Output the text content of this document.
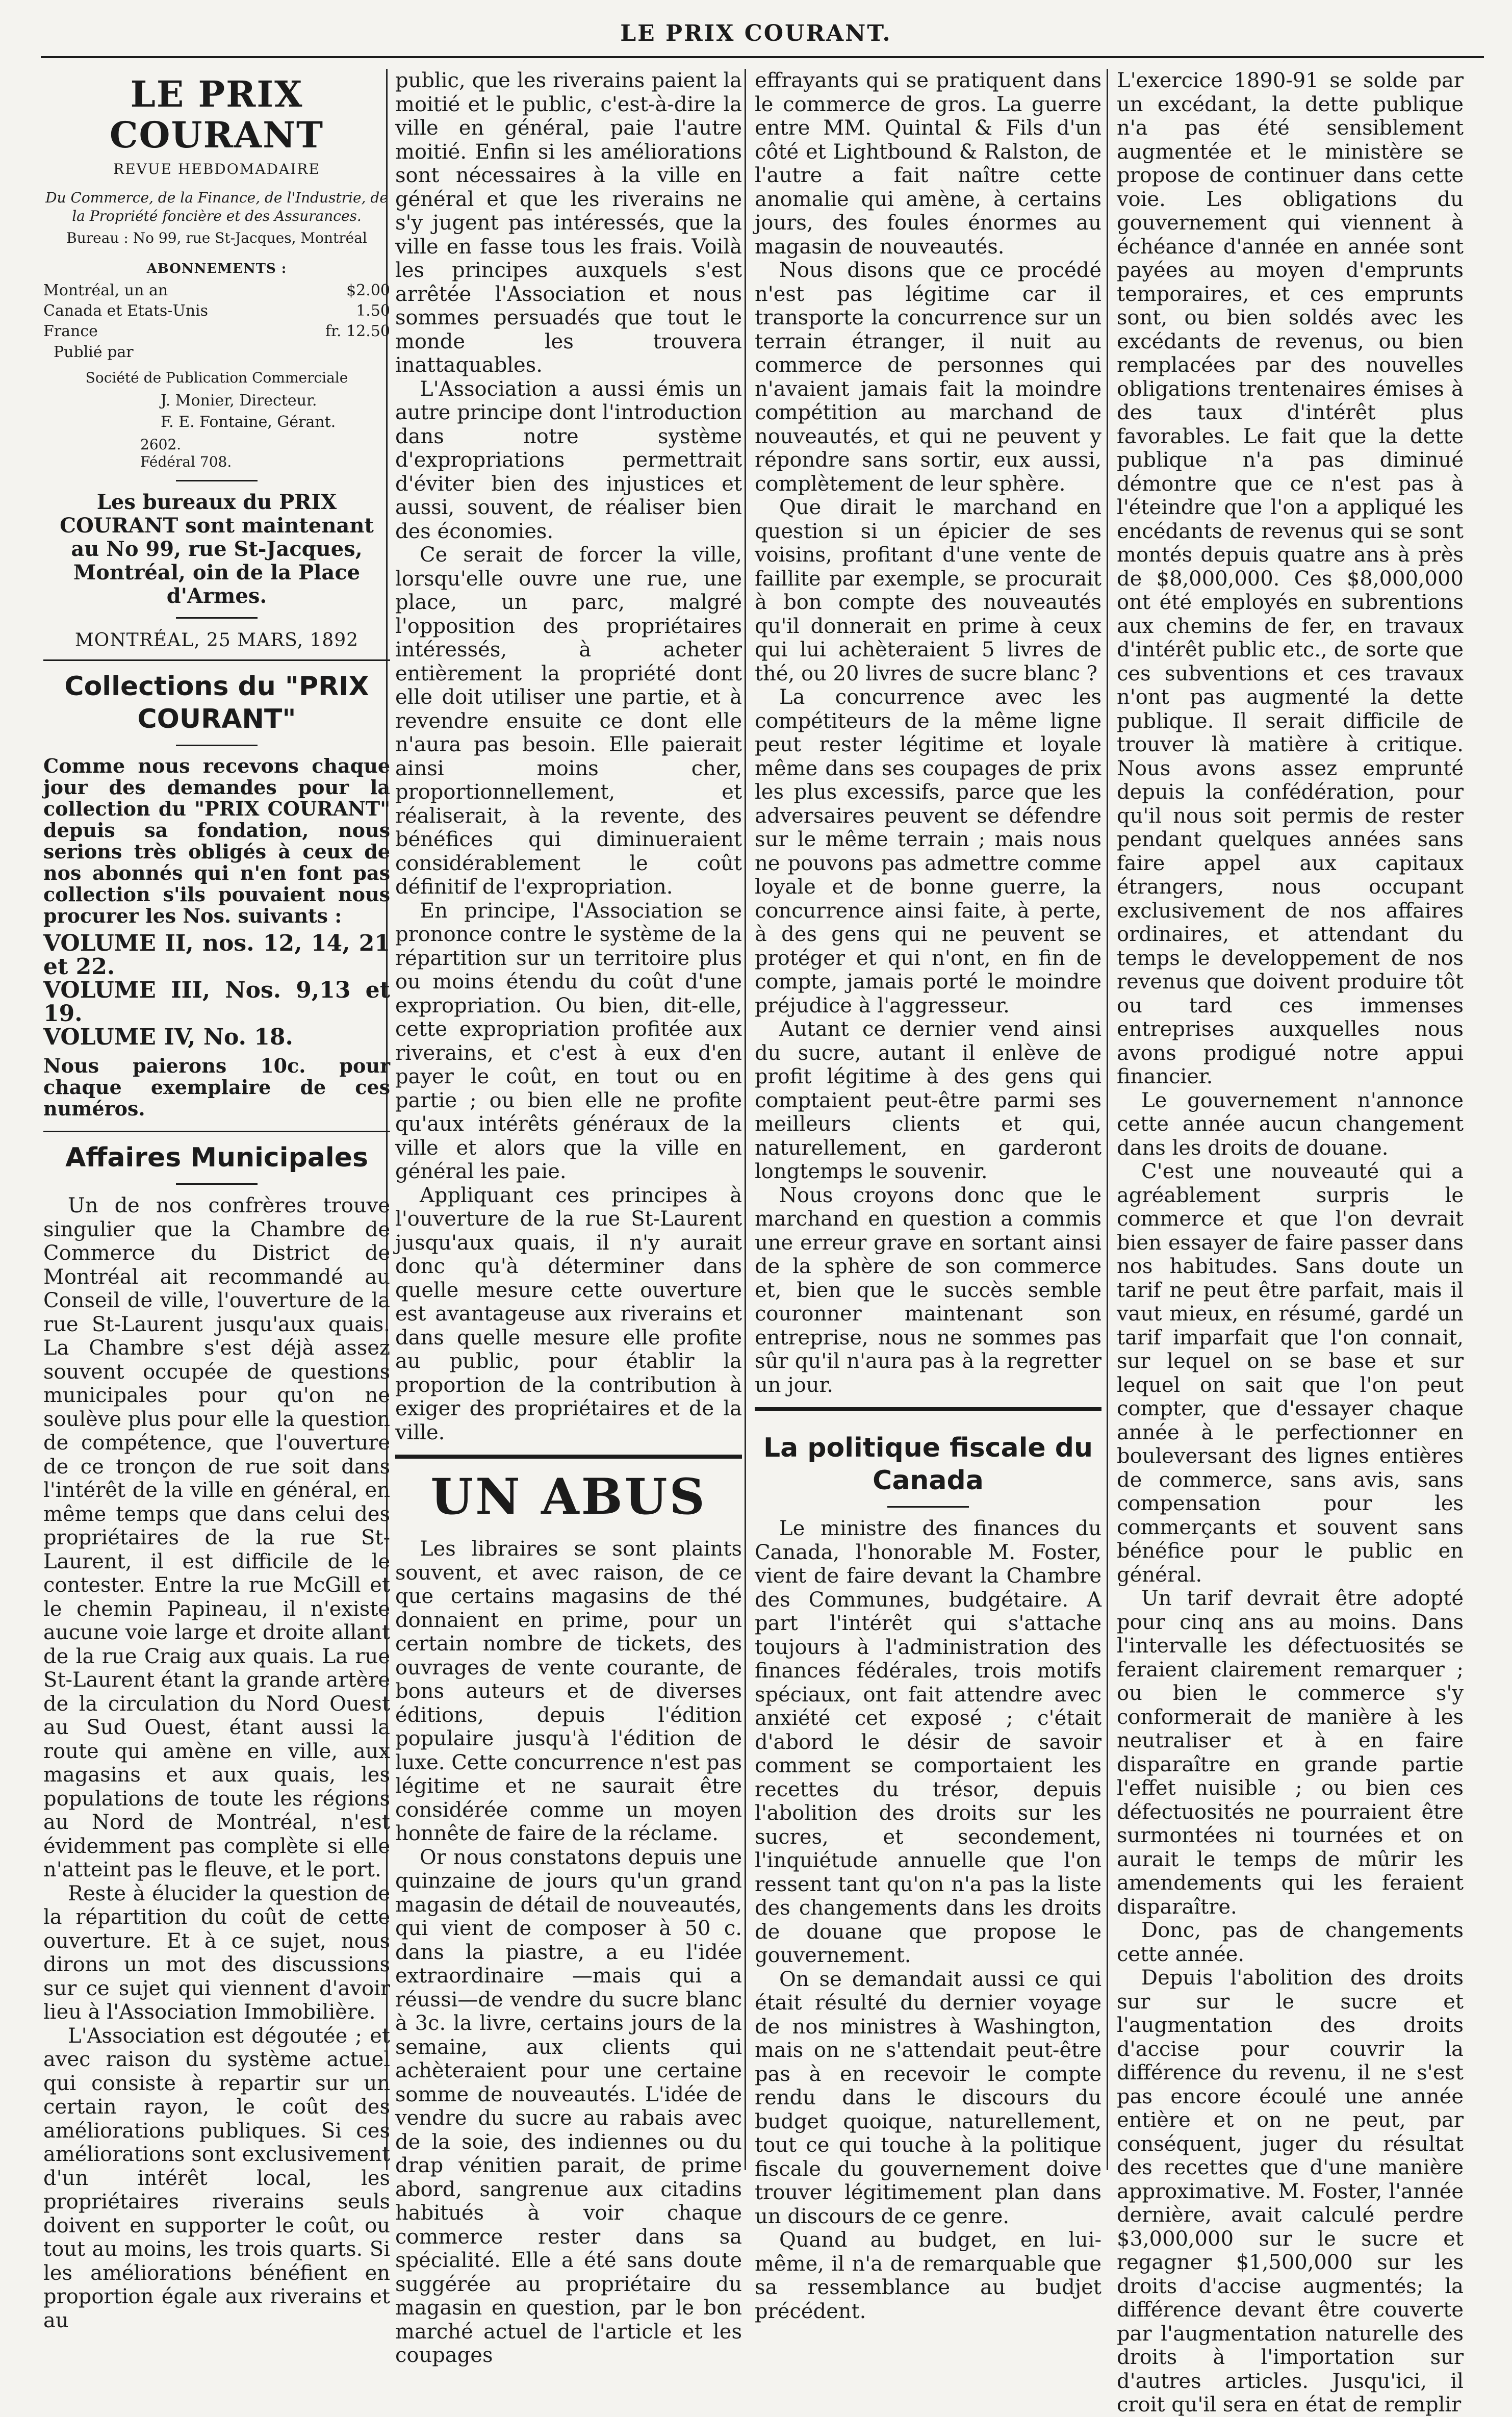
LE PRIX COURANT.
LE PRIX COURANT
REVUE HEBDOMADAIRE
Du Commerce, de la Finance, de l'Industrie, de la Propriété foncière et des Assurances.
Bureau : No 99, rue St-Jacques, Montréal
ABONNEMENTS :
Montréal, un an	$2.00
Canada et Etats-Unis	1.50
France	fr. 12.50
Publié par
Société de Publication Commerciale
J. Monier, Directeur.
F. E. Fontaine, Gérant.
2602.
Fédéral 708.
Les bureaux du PRIX COURANT sont maintenant au No 99, rue St-Jacques, Montréal, oin de la Place d'Armes.
MONTRÉAL, 25 MARS, 1892
Collections du "PRIX COURANT"
Comme nous recevons chaque jour des demandes pour la collection du "PRIX COURANT" depuis sa fondation, nous serions très obligés à ceux de nos abonnés qui n'en font pas collection s'ils pouvaient nous procurer les Nos. suivants :
VOLUME II, nos. 12, 14, 21 et 22.
VOLUME III, Nos. 9,13 et 19.
VOLUME IV, No. 18.
Nous paierons 10c. pour chaque exemplaire de ces numéros.
Affaires Municipales

Un de nos confrères trouve singulier que la Chambre de Commerce du District de Montréal ait recommandé au Conseil de ville, l'ouverture de la rue St-Laurent jusqu'aux quais. La Chambre s'est déjà assez souvent occupée de questions municipales pour qu'on ne soulève plus pour elle la question de compétence, que l'ouverture de ce tronçon de rue soit dans l'intérêt de la ville en général, en même temps que dans celui des propriétaires de la rue St-Laurent, il est difficile de le contester. Entre la rue McGill et le chemin Papineau, il n'existe aucune voie large et droite allant de la rue Craig aux quais. La rue St-Laurent étant la grande artère de la circulation du Nord Ouest au Sud Ouest, étant aussi la route qui amène en ville, aux magasins et aux quais, les populations de toute les régions au Nord de Montréal, n'est évidemment pas complète si elle n'atteint pas le fleuve, et le port.

Reste à élucider la question de la répartition du coût de cette ouverture. Et à ce sujet, nous dirons un mot des discussions sur ce sujet qui viennent d'avoir lieu à l'Association Immobilière.

L'Association est dégoutée ; et avec raison du système actuel qui consiste à repartir sur un certain rayon, le coût des améliorations publiques. Si ces améliorations sont exclusivement d'un intérêt local, les propriétaires riverains seuls doivent en supporter le coût, ou tout au moins, les trois quarts. Si les améliorations bénéfient en proportion égale aux riverains et au

public, que les riverains paient la moitié et le public, c'est-à-dire la ville en général, paie l'autre moitié. Enfin si les améliorations sont nécessaires à la ville en général et que les riverains ne s'y jugent pas intéressés, que la ville en fasse tous les frais. Voilà les principes auxquels s'est arrêtée l'Association et nous sommes persuadés que tout le monde les trouvera inattaquables.

L'Association a aussi émis un autre principe dont l'introduction dans notre système d'expropriations permettrait d'éviter bien des injustices et aussi, souvent, de réaliser bien des économies.

Ce serait de forcer la ville, lorsqu'elle ouvre une rue, une place, un parc, malgré l'opposition des propriétaires intéressés, à acheter entièrement la propriété dont elle doit utiliser une partie, et à revendre ensuite ce dont elle n'aura pas besoin. Elle paierait ainsi moins cher, proportionnellement, et réaliserait, à la revente, des bénéfices qui diminueraient considérablement le coût définitif de l'expropriation.

En principe, l'Association se prononce contre le système de la répartition sur un territoire plus ou moins étendu du coût d'une expropriation. Ou bien, dit-elle, cette expropriation profitée aux riverains, et c'est à eux d'en payer le coût, en tout ou en partie ; ou bien elle ne profite qu'aux intérêts généraux de la ville et alors que la ville en général les paie.

Appliquant ces principes à l'ouverture de la rue St-Laurent jusqu'aux quais, il n'y aurait donc qu'à déterminer dans quelle mesure cette ouverture est avantageuse aux riverains et dans quelle mesure elle profite au public, pour établir la proportion de la contribution à exiger des propriétaires et de la ville.

UN ABUS

Les libraires se sont plaints souvent, et avec raison, de ce que certains magasins de thé donnaient en prime, pour un certain nombre de tickets, des ouvrages de vente courante, de bons auteurs et de diverses éditions, depuis l'édition populaire jusqu'à l'édition de luxe. Cette concurrence n'est pas légitime et ne saurait être considérée comme un moyen honnête de faire de la réclame.

Or nous constatons depuis une quinzaine de jours qu'un grand magasin de détail de nouveautés, qui vient de composer à 50 c. dans la piastre, a eu l'idée extraordinaire —mais qui a réussi—de vendre du sucre blanc à 3c. la livre, certains jours de la semaine, aux clients qui achèteraient pour une certaine somme de nouveautés. L'idée de vendre du sucre au rabais avec de la soie, des indiennes ou du drap vénitien parait, de prime abord, sangrenue aux citadins habitués à voir chaque commerce rester dans sa spécialité. Elle a été sans doute suggérée au propriétaire du magasin en question, par le bon marché actuel de l'article et les coupages

effrayants qui se pratiquent dans le commerce de gros. La guerre entre MM. Quintal & Fils d'un côté et Lightbound & Ralston, de l'autre a fait naître cette anomalie qui amène, à certains jours, des foules énormes au magasin de nouveautés.

Nous disons que ce procédé n'est pas légitime car il transporte la concurrence sur un terrain étranger, il nuit au commerce de personnes qui n'avaient jamais fait la moindre compétition au marchand de nouveautés, et qui ne peuvent y répondre sans sortir, eux aussi, complètement de leur sphère.

Que dirait le marchand en question si un épicier de ses voisins, profitant d'une vente de faillite par exemple, se procurait à bon compte des nouveautés qu'il donnerait en prime à ceux qui lui achèteraient 5 livres de thé, ou 20 livres de sucre blanc ?

La concurrence avec les compétiteurs de la même ligne peut rester légitime et loyale même dans ses coupages de prix les plus excessifs, parce que les adversaires peuvent se défendre sur le même terrain ; mais nous ne pouvons pas admettre comme loyale et de bonne guerre, la concurrence ainsi faite, à perte, à des gens qui ne peuvent se protéger et qui n'ont, en fin de compte, jamais porté le moindre préjudice à l'aggresseur.

Autant ce dernier vend ainsi du sucre, autant il enlève de profit légitime à des gens qui comptaient peut-être parmi ses meilleurs clients et qui, naturellement, en garderont longtemps le souvenir.

Nous croyons donc que le marchand en question a commis une erreur grave en sortant ainsi de la sphère de son commerce et, bien que le succès semble couronner maintenant son entreprise, nous ne sommes pas sûr qu'il n'aura pas à la regretter un jour.

La politique fiscale du Canada

Le ministre des finances du Canada, l'honorable M. Foster, vient de faire devant la Chambre des Communes, budgétaire. A part l'intérêt qui s'attache toujours à l'administration des finances fédérales, trois motifs spéciaux, ont fait attendre avec anxiété cet exposé ; c'était d'abord le désir de savoir comment se comportaient les recettes du trésor, depuis l'abolition des droits sur les sucres, et secondement, l'inquiétude annuelle que l'on ressent tant qu'on n'a pas la liste des changements dans les droits de douane que propose le gouvernement.

On se demandait aussi ce qui était résulté du dernier voyage de nos ministres à Washington, mais on ne s'attendait peut-être pas à en recevoir le compte rendu dans le discours du budget quoique, naturellement, tout ce qui touche à la politique fiscale du gouvernement doive trouver légitimement plan dans un discours de ce genre.

Quand au budget, en lui-même, il n'a de remarquable que sa ressemblance au budjet précédent.

L'exercice 1890-91 se solde par un excédant, la dette publique n'a pas été sensiblement augmentée et le ministère se propose de continuer dans cette voie. Les obligations du gouvernement qui viennent à échéance d'année en année sont payées au moyen d'emprunts temporaires, et ces emprunts sont, ou bien soldés avec les excédants de revenus, ou bien remplacées par des nouvelles obligations trentenaires émises à des taux d'intérêt plus favorables. Le fait que la dette publique n'a pas diminué démontre que ce n'est pas à l'éteindre que l'on a appliqué les encédants de revenus qui se sont montés depuis quatre ans à près de $8,000,000. Ces $8,000,000 ont été employés en subrentions aux chemins de fer, en travaux d'intérêt public etc., de sorte que ces subventions et ces travaux n'ont pas augmenté la dette publique. Il serait difficile de trouver là matière à critique. Nous avons assez emprunté depuis la confédération, pour qu'il nous soit permis de rester pendant quelques années sans faire appel aux capitaux étrangers, nous occupant exclusivement de nos affaires ordinaires, et attendant du temps le developpement de nos revenus que doivent produire tôt ou tard ces immenses entreprises auxquelles nous avons prodigué notre appui financier.

Le gouvernement n'annonce cette année aucun changement dans les droits de douane.

C'est une nouveauté qui a agréablement surpris le commerce et que l'on devrait bien essayer de faire passer dans nos habitudes. Sans doute un tarif ne peut être parfait, mais il vaut mieux, en résumé, gardé un tarif imparfait que l'on connait, sur lequel on se base et sur lequel on sait que l'on peut compter, que d'essayer chaque année à le perfectionner en bouleversant des lignes entières de commerce, sans avis, sans compensation pour les commerçants et souvent sans bénéfice pour le public en général.

Un tarif devrait être adopté pour cinq ans au moins. Dans l'intervalle les défectuosités se feraient clairement remarquer ; ou bien le commerce s'y conformerait de manière à les neutraliser et à en faire disparaître en grande partie l'effet nuisible ; ou bien ces défectuosités ne pourraient être surmontées ni tournées et on aurait le temps de mûrir les amendements qui les feraient disparaître.

Donc, pas de changements cette année.

Depuis l'abolition des droits sur sur le sucre et l'augmentation des droits d'accise pour couvrir la différence du revenu, il ne s'est pas encore écoulé une année entière et on ne peut, par conséquent, juger du résultat des recettes que d'une manière approximative. M. Foster, l'année dernière, avait calculé perdre $3,000,000 sur le sucre et regagner $1,500,000 sur les droits d'accise augmentés; la différence devant être couverte par l'augmentation naturelle des droits à l'importation sur d'autres articles. Jusqu'ici, il croit qu'il sera en état de remplir
